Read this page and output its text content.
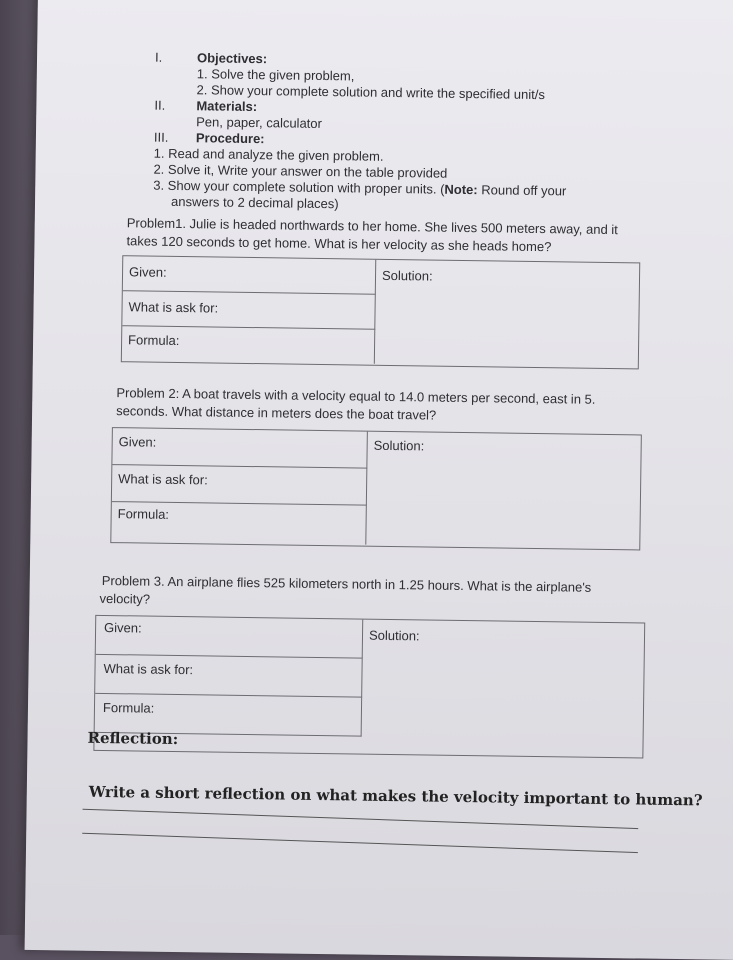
I.	Objectives:
1. Solve the given problem,
2. Show your complete solution and write the specified unit/s
II. Materials:
Pen, paper, calculator
III. Procedure:
1. Read and analyze the given problem.
2. Solve it, Write your answer on the table provided
3. Show your complete solution with proper units. (Note: Round off your
answers to 2 decimal places)
Problem1. Julie is headed northwards to her home. She lives 500 meters away, and it
takes 120 seconds to get home. What is her velocity as she heads home?
Given:
What is ask for:
Formula:
Solution:
Problem 2: A boat travels with a velocity equal to 14.0 meters per second, east in 5.
seconds. What distance in meters does the boat travel?
Given:
What is ask for:
Formula:
Solution:
Problem 3. An airplane flies 525 kilometers north in 1.25 hours. What is the airplane's
velocity?
Given:
What is ask for:
Formula:
Solution:
Reflection:
Write a short reflection on what makes the velocity important to human?
